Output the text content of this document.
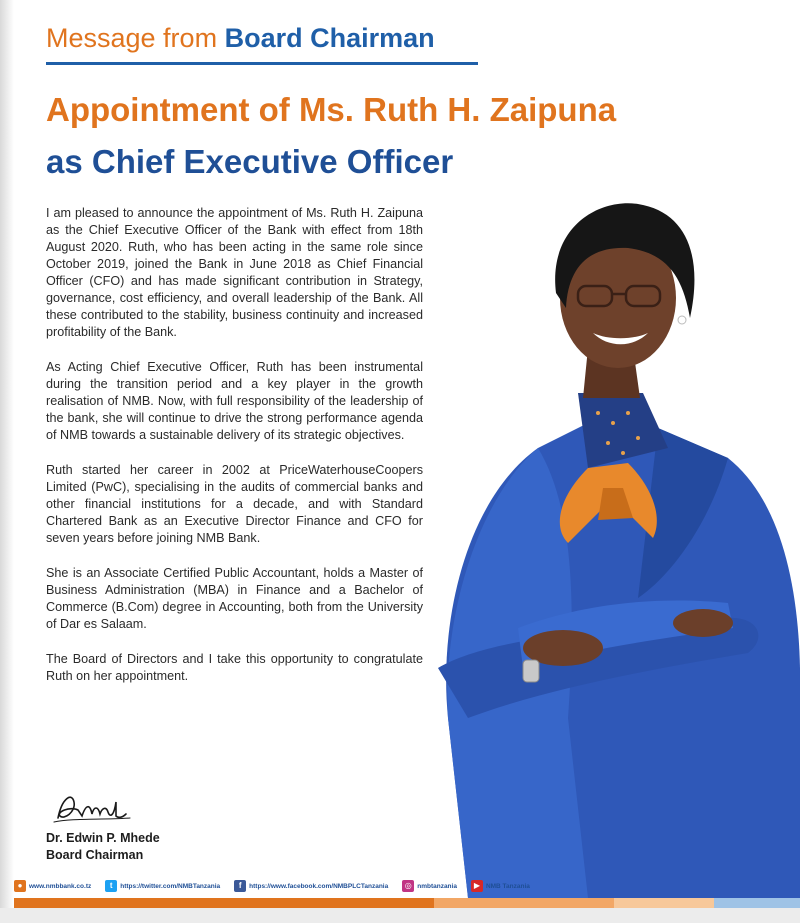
Message from Board Chairman
Appointment of Ms. Ruth H. Zaipuna
as Chief Executive Officer

I am pleased to announce the appointment of Ms. Ruth H. Zaipuna as the Chief Executive Officer of the Bank with effect from 18th August 2020. Ruth, who has been acting in the same role since October 2019, joined the Bank in June 2018 as Chief Financial Officer (CFO) and has made significant contribution in Strategy, governance, cost efficiency, and overall leadership of the Bank. All these contributed to the stability, business continuity and increased profitability of the Bank.

As Acting Chief Executive Officer, Ruth has been instrumental during the transition period and a key player in the growth realisation of NMB. Now, with full responsibility of the leadership of the bank, she will continue to drive the strong performance agenda of NMB towards a sustainable delivery of its strategic objectives.

Ruth started her career in 2002 at PriceWaterhouseCoopers Limited (PwC), specialising in the audits of commercial banks and other financial institutions for a decade, and with Standard Chartered Bank as an Executive Director Finance and CFO for seven years before joining NMB Bank.

She is an Associate Certified Public Accountant, holds a Master of Business Administration (MBA) in Finance and a Bachelor of Commerce (B.Com) degree in Accounting, both from the University of Dar es Salaam.

The Board of Directors and I take this opportunity to congratulate Ruth on her appointment.

Dr. Edwin P. Mhede
Board Chairman
●	www.nmbbank.co.tz	t	https://twitter.com/NMBTanzania	f	https://www.facebook.com/NMBPLCTanzania	◎ nmbtanzania	▶ NMB Tanzania
